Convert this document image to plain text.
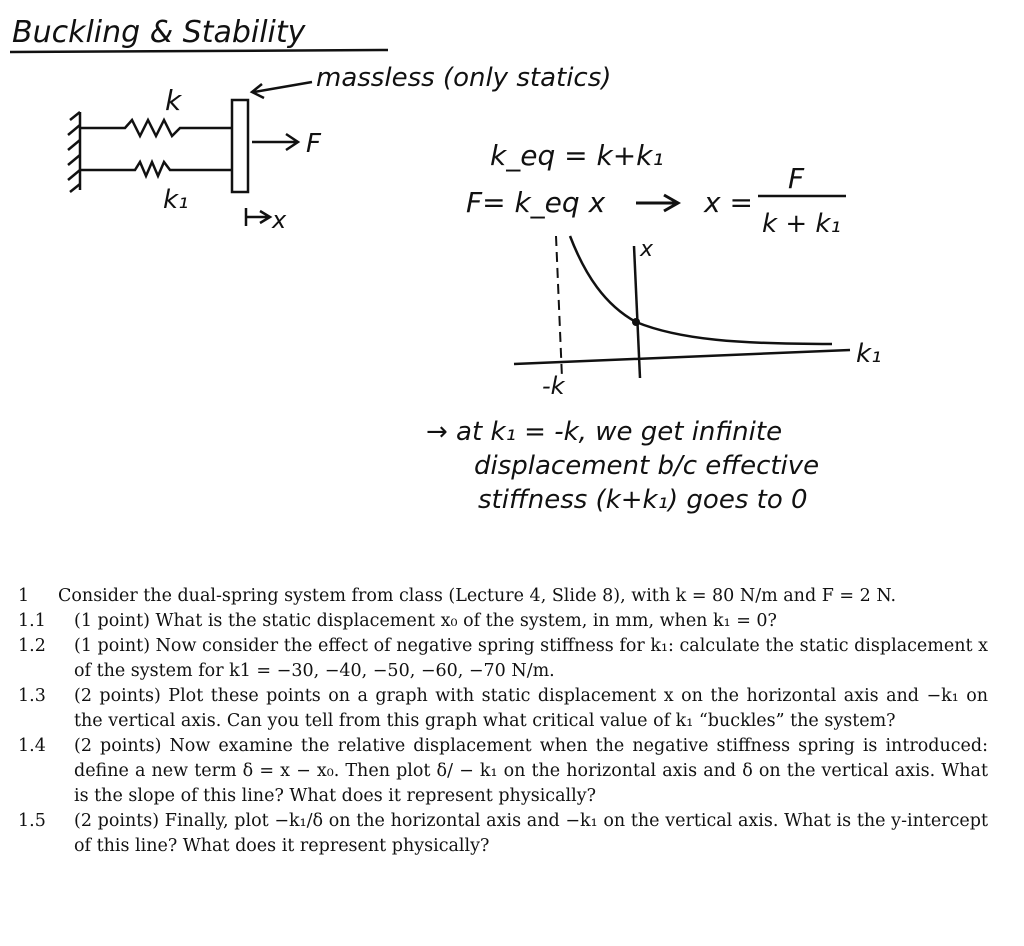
Buckling & Stability
k
k₁
massless (only statics)
F
x
k_eq = k+k₁
F= k_eq x	x =
F
k + k₁
x
k₁
-k
→ at k₁ = -k, we get infinite
displacement b/c effective
stiffness (k+k₁) goes to 0
1	Consider the dual-spring system from class (Lecture 4, Slide 8), with k = 80 N/m and F = 2 N.
1.1	(1 point) What is the static displacement x₀ of the system, in mm, when k₁ = 0?
1.2	(1 point) Now consider the effect of negative spring stiffness for k₁: calculate the static displacement x of the system for k1 = −30, −40, −50, −60, −70 N/m.
1.3	(2 points) Plot these points on a graph with static displacement x on the horizontal axis and −k₁ on the vertical axis. Can you tell from this graph what critical value of k₁ “buckles” the system?
1.4	(2 points) Now examine the relative displacement when the negative stiffness spring is introduced: define a new term δ = x − x₀. Then plot δ/ − k₁ on the horizontal axis and δ on the vertical axis. What is the slope of this line? What does it represent physically?
1.5	(2 points) Finally, plot −k₁/δ on the horizontal axis and −k₁ on the vertical axis. What is the y-intercept of this line? What does it represent physically?
